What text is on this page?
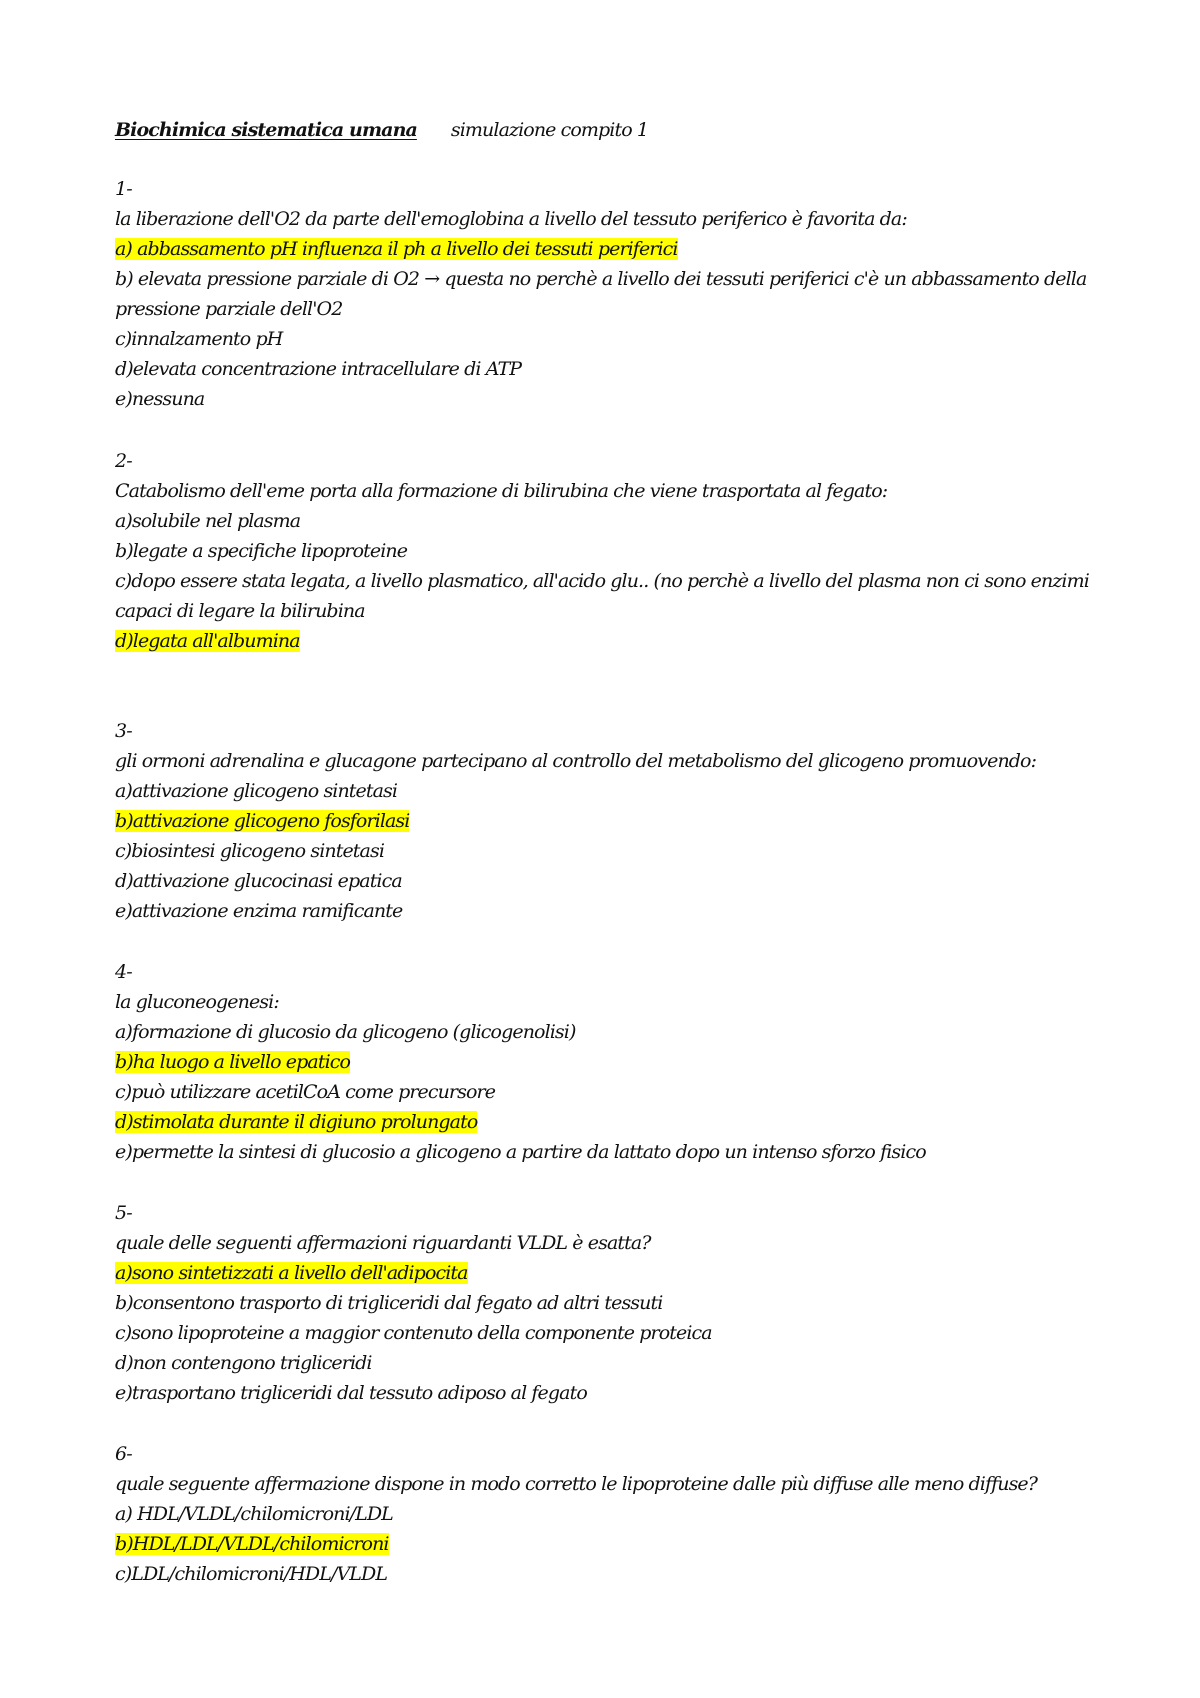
Biochimica sistematica umana simulazione compito 1
1-
la liberazione dell'O2 da parte dell'emoglobina a livello del tessuto periferico è favorita da:
a) abbassamento pH influenza il ph a livello dei tessuti periferici
b) elevata pressione parziale di O2 → questa no perchè a livello dei tessuti periferici c'è un abbassamento della pressione parziale dell'O2
c)innalzamento pH
d)elevata concentrazione intracellulare di ATP
e)nessuna
2-
Catabolismo dell'eme porta alla formazione di bilirubina che viene trasportata al fegato:
a)solubile nel plasma
b)legate a specifiche lipoproteine
c)dopo essere stata legata, a livello plasmatico, all'acido glu.. (no perchè a livello del plasma non ci sono enzimi capaci di legare la bilirubina
d)legata all'albumina
3-
gli ormoni adrenalina e glucagone partecipano al controllo del metabolismo del glicogeno promuovendo:
a)attivazione glicogeno sintetasi
b)attivazione glicogeno fosforilasi
c)biosintesi glicogeno sintetasi
d)attivazione glucocinasi epatica
e)attivazione enzima ramificante
4-
la gluconeogenesi:
a)formazione di glucosio da glicogeno (glicogenolisi)
b)ha luogo a livello epatico
c)può utilizzare acetilCoA come precursore
d)stimolata durante il digiuno prolungato
e)permette la sintesi di glucosio a glicogeno a partire da lattato dopo un intenso sforzo fisico
5-
quale delle seguenti affermazioni riguardanti VLDL è esatta?
a)sono sintetizzati a livello dell'adipocita
b)consentono trasporto di trigliceridi dal fegato ad altri tessuti
c)sono lipoproteine a maggior contenuto della componente proteica
d)non contengono trigliceridi
e)trasportano trigliceridi dal tessuto adiposo al fegato
6-
quale seguente affermazione dispone in modo corretto le lipoproteine dalle più diffuse alle meno diffuse?
a) HDL/VLDL/chilomicroni/LDL
b)HDL/LDL/VLDL/chilomicroni
c)LDL/chilomicroni/HDL/VLDL
